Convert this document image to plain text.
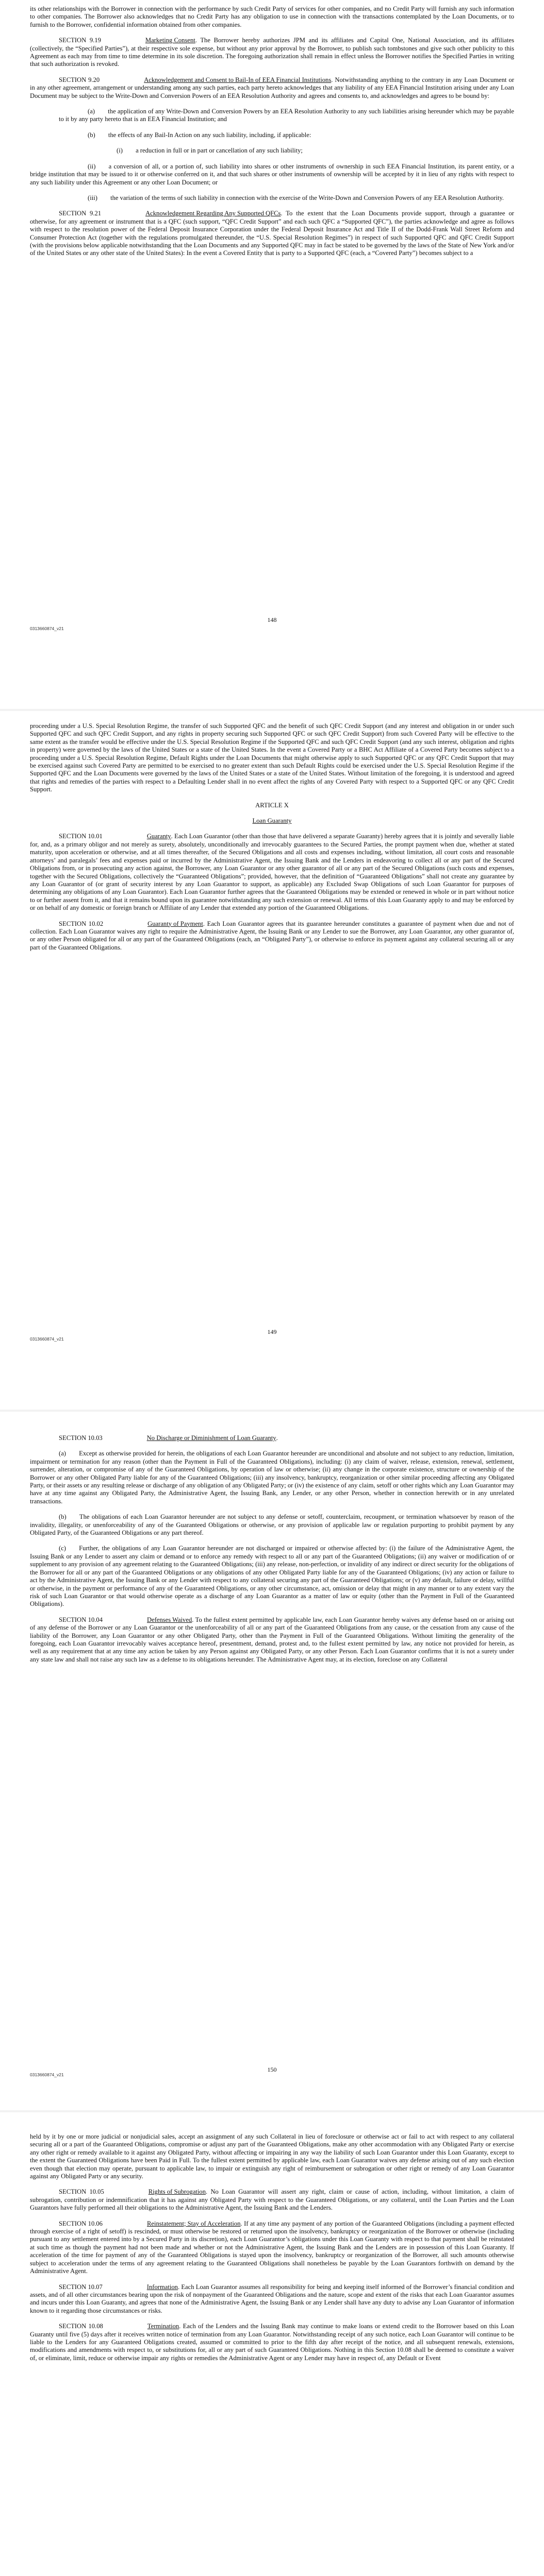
its other relationships with the Borrower in connection with the performance by such Credit Party of services for other companies, and no Credit Party will furnish any such information to other companies. The Borrower also acknowledges that no Credit Party has any obligation to use in connection with the transactions contemplated by the Loan Documents, or to furnish to the Borrower, confidential information obtained from other companies.

SECTION 9.19	Marketing Consent. The Borrower hereby authorizes JPM and its affiliates and Capital One, National Association, and its affiliates (collectively, the “Specified Parties”), at their respective sole expense, but without any prior approval by the Borrower, to publish such tombstones and give such other publicity to this Agreement as each may from time to time determine in its sole discretion. The foregoing authorization shall remain in effect unless the Borrower notifies the Specified Parties in writing that such authorization is revoked.

SECTION 9.20	Acknowledgement and Consent to Bail-In of EEA Financial Institutions. Notwithstanding anything to the contrary in any Loan Document or in any other agreement, arrangement or understanding among any such parties, each party hereto acknowledges that any liability of any EEA Financial Institution arising under any Loan Document may be subject to the Write-Down and Conversion Powers of an EEA Resolution Authority and agrees and consents to, and acknowledges and agrees to be bound by:

(a)  the application of any Write-Down and Conversion Powers by an EEA Resolution Authority to any such liabilities arising hereunder which may be payable to it by any party hereto that is an EEA Financial Institution; and

(b)  the effects of any Bail-In Action on any such liability, including, if applicable:

(i)  a reduction in full or in part or cancellation of any such liability;

(ii)  a conversion of all, or a portion of, such liability into shares or other instruments of ownership in such EEA Financial Institution, its parent entity, or a bridge institution that may be issued to it or otherwise conferred on it, and that such shares or other instruments of ownership will be accepted by it in lieu of any rights with respect to any such liability under this Agreement or any other Loan Document; or

(iii)  the variation of the terms of such liability in connection with the exercise of the Write-Down and Conversion Powers of any EEA Resolution Authority.

SECTION 9.21	Acknowledgement Regarding Any Supported QFCs. To the extent that the Loan Documents provide support, through a guarantee or otherwise, for any agreement or instrument that is a QFC (such support, “QFC Credit Support” and each such QFC a “Supported QFC”), the parties acknowledge and agree as follows with respect to the resolution power of the Federal Deposit Insurance Corporation under the Federal Deposit Insurance Act and Title II of the Dodd-Frank Wall Street Reform and Consumer Protection Act (together with the regulations promulgated thereunder, the “U.S. Special Resolution Regimes”) in respect of such Supported QFC and QFC Credit Support (with the provisions below applicable notwithstanding that the Loan Documents and any Supported QFC may in fact be stated to be governed by the laws of the State of New York and/or of the United States or any other state of the United States): In the event a Covered Entity that is party to a Supported QFC (each, a “Covered Party”) becomes subject to a

148
0313660874_v21

proceeding under a U.S. Special Resolution Regime, the transfer of such Supported QFC and the benefit of such QFC Credit Support (and any interest and obligation in or under such Supported QFC and such QFC Credit Support, and any rights in property securing such Supported QFC or such QFC Credit Support) from such Covered Party will be effective to the same extent as the transfer would be effective under the U.S. Special Resolution Regime if the Supported QFC and such QFC Credit Support (and any such interest, obligation and rights in property) were governed by the laws of the United States or a state of the United States. In the event a Covered Party or a BHC Act Affiliate of a Covered Party becomes subject to a proceeding under a U.S. Special Resolution Regime, Default Rights under the Loan Documents that might otherwise apply to such Supported QFC or any QFC Credit Support that may be exercised against such Covered Party are permitted to be exercised to no greater extent than such Default Rights could be exercised under the U.S. Special Resolution Regime if the Supported QFC and the Loan Documents were governed by the laws of the United States or a state of the United States. Without limitation of the foregoing, it is understood and agreed that rights and remedies of the parties with respect to a Defaulting Lender shall in no event affect the rights of any Covered Party with respect to a Supported QFC or any QFC Credit Support.

ARTICLE X
Loan Guaranty

SECTION 10.01	Guaranty. Each Loan Guarantor (other than those that have delivered a separate Guaranty) hereby agrees that it is jointly and severally liable for, and, as a primary obligor and not merely as surety, absolutely, unconditionally and irrevocably guarantees to the Secured Parties, the prompt payment when due, whether at stated maturity, upon acceleration or otherwise, and at all times thereafter, of the Secured Obligations and all costs and expenses including, without limitation, all court costs and reasonable attorneys’ and paralegals’ fees and expenses paid or incurred by the Administrative Agent, the Issuing Bank and the Lenders in endeavoring to collect all or any part of the Secured Obligations from, or in prosecuting any action against, the Borrower, any Loan Guarantor or any other guarantor of all or any part of the Secured Obligations (such costs and expenses, together with the Secured Obligations, collectively the “Guaranteed Obligations”; provided, however, that the definition of “Guaranteed Obligations” shall not create any guarantee by any Loan Guarantor of (or grant of security interest by any Loan Guarantor to support, as applicable) any Excluded Swap Obligations of such Loan Guarantor for purposes of determining any obligations of any Loan Guarantor). Each Loan Guarantor further agrees that the Guaranteed Obligations may be extended or renewed in whole or in part without notice to or further assent from it, and that it remains bound upon its guarantee notwithstanding any such extension or renewal. All terms of this Loan Guaranty apply to and may be enforced by or on behalf of any domestic or foreign branch or Affiliate of any Lender that extended any portion of the Guaranteed Obligations.

SECTION 10.02	Guaranty of Payment. Each Loan Guarantor agrees that its guarantee hereunder constitutes a guarantee of payment when due and not of collection. Each Loan Guarantor waives any right to require the Administrative Agent, the Issuing Bank or any Lender to sue the Borrower, any Loan Guarantor, any other guarantor of, or any other Person obligated for all or any part of the Guaranteed Obligations (each, an “Obligated Party”), or otherwise to enforce its payment against any collateral securing all or any part of the Guaranteed Obligations.

149
0313660874_v21

SECTION 10.03	No Discharge or Diminishment of Loan Guaranty.

(a)  Except as otherwise provided for herein, the obligations of each Loan Guarantor hereunder are unconditional and absolute and not subject to any reduction, limitation, impairment or termination for any reason (other than the Payment in Full of the Guaranteed Obligations), including: (i) any claim of waiver, release, extension, renewal, settlement, surrender, alteration, or compromise of any of the Guaranteed Obligations, by operation of law or otherwise; (ii) any change in the corporate existence, structure or ownership of the Borrower or any other Obligated Party liable for any of the Guaranteed Obligations; (iii) any insolvency, bankruptcy, reorganization or other similar proceeding affecting any Obligated Party, or their assets or any resulting release or discharge of any obligation of any Obligated Party; or (iv) the existence of any claim, setoff or other rights which any Loan Guarantor may have at any time against any Obligated Party, the Administrative Agent, the Issuing Bank, any Lender, or any other Person, whether in connection herewith or in any unrelated transactions.

(b)  The obligations of each Loan Guarantor hereunder are not subject to any defense or setoff, counterclaim, recoupment, or termination whatsoever by reason of the invalidity, illegality, or unenforceability of any of the Guaranteed Obligations or otherwise, or any provision of applicable law or regulation purporting to prohibit payment by any Obligated Party, of the Guaranteed Obligations or any part thereof.

(c)  Further, the obligations of any Loan Guarantor hereunder are not discharged or impaired or otherwise affected by: (i) the failure of the Administrative Agent, the Issuing Bank or any Lender to assert any claim or demand or to enforce any remedy with respect to all or any part of the Guaranteed Obligations; (ii) any waiver or modification of or supplement to any provision of any agreement relating to the Guaranteed Obligations; (iii) any release, non-perfection, or invalidity of any indirect or direct security for the obligations of the Borrower for all or any part of the Guaranteed Obligations or any obligations of any other Obligated Party liable for any of the Guaranteed Obligations; (iv) any action or failure to act by the Administrative Agent, the Issuing Bank or any Lender with respect to any collateral securing any part of the Guaranteed Obligations; or (v) any default, failure or delay, willful or otherwise, in the payment or performance of any of the Guaranteed Obligations, or any other circumstance, act, omission or delay that might in any manner or to any extent vary the risk of such Loan Guarantor or that would otherwise operate as a discharge of any Loan Guarantor as a matter of law or equity (other than the Payment in Full of the Guaranteed Obligations).

SECTION 10.04	Defenses Waived. To the fullest extent permitted by applicable law, each Loan Guarantor hereby waives any defense based on or arising out of any defense of the Borrower or any Loan Guarantor or the unenforceability of all or any part of the Guaranteed Obligations from any cause, or the cessation from any cause of the liability of the Borrower, any Loan Guarantor or any other Obligated Party, other than the Payment in Full of the Guaranteed Obligations. Without limiting the generality of the foregoing, each Loan Guarantor irrevocably waives acceptance hereof, presentment, demand, protest and, to the fullest extent permitted by law, any notice not provided for herein, as well as any requirement that at any time any action be taken by any Person against any Obligated Party, or any other Person. Each Loan Guarantor confirms that it is not a surety under any state law and shall not raise any such law as a defense to its obligations hereunder. The Administrative Agent may, at its election, foreclose on any Collateral

150
0313660874_v21

held by it by one or more judicial or nonjudicial sales, accept an assignment of any such Collateral in lieu of foreclosure or otherwise act or fail to act with respect to any collateral securing all or a part of the Guaranteed Obligations, compromise or adjust any part of the Guaranteed Obligations, make any other accommodation with any Obligated Party or exercise any other right or remedy available to it against any Obligated Party, without affecting or impairing in any way the liability of such Loan Guarantor under this Loan Guaranty, except to the extent the Guaranteed Obligations have been Paid in Full. To the fullest extent permitted by applicable law, each Loan Guarantor waives any defense arising out of any such election even though that election may operate, pursuant to applicable law, to impair or extinguish any right of reimbursement or subrogation or other right or remedy of any Loan Guarantor against any Obligated Party or any security.

SECTION 10.05	Rights of Subrogation. No Loan Guarantor will assert any right, claim or cause of action, including, without limitation, a claim of subrogation, contribution or indemnification that it has against any Obligated Party with respect to the Guaranteed Obligations, or any collateral, until the Loan Parties and the Loan Guarantors have fully performed all their obligations to the Administrative Agent, the Issuing Bank and the Lenders.

SECTION 10.06	Reinstatement; Stay of Acceleration. If at any time any payment of any portion of the Guaranteed Obligations (including a payment effected through exercise of a right of setoff) is rescinded, or must otherwise be restored or returned upon the insolvency, bankruptcy or reorganization of the Borrower or otherwise (including pursuant to any settlement entered into by a Secured Party in its discretion), each Loan Guarantor’s obligations under this Loan Guaranty with respect to that payment shall be reinstated at such time as though the payment had not been made and whether or not the Administrative Agent, the Issuing Bank and the Lenders are in possession of this Loan Guaranty. If acceleration of the time for payment of any of the Guaranteed Obligations is stayed upon the insolvency, bankruptcy or reorganization of the Borrower, all such amounts otherwise subject to acceleration under the terms of any agreement relating to the Guaranteed Obligations shall nonetheless be payable by the Loan Guarantors forthwith on demand by the Administrative Agent.

SECTION 10.07	Information. Each Loan Guarantor assumes all responsibility for being and keeping itself informed of the Borrower’s financial condition and assets, and of all other circumstances bearing upon the risk of nonpayment of the Guaranteed Obligations and the nature, scope and extent of the risks that each Loan Guarantor assumes and incurs under this Loan Guaranty, and agrees that none of the Administrative Agent, the Issuing Bank or any Lender shall have any duty to advise any Loan Guarantor of information known to it regarding those circumstances or risks.

SECTION 10.08	Termination. Each of the Lenders and the Issuing Bank may continue to make loans or extend credit to the Borrower based on this Loan Guaranty until five (5) days after it receives written notice of termination from any Loan Guarantor. Notwithstanding receipt of any such notice, each Loan Guarantor will continue to be liable to the Lenders for any Guaranteed Obligations created, assumed or committed to prior to the fifth day after receipt of the notice, and all subsequent renewals, extensions, modifications and amendments with respect to, or substitutions for, all or any part of such Guaranteed Obligations. Nothing in this Section 10.08 shall be deemed to constitute a waiver of, or eliminate, limit, reduce or otherwise impair any rights or remedies the Administrative Agent or any Lender may have in respect of, any Default or Event
